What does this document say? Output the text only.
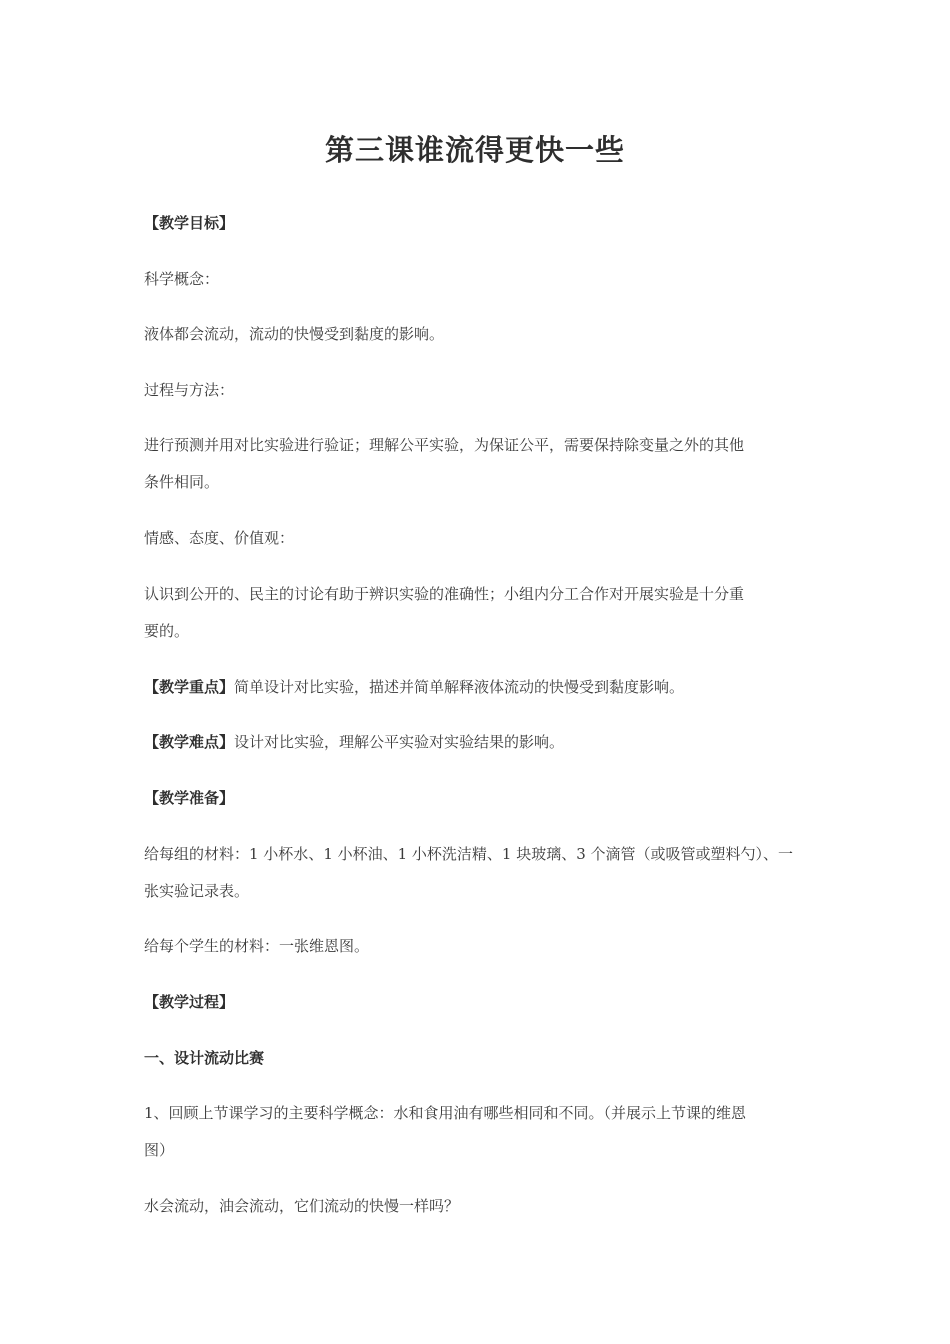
第三课谁流得更快一些

【教学目标】

科学概念：

液体都会流动，流动的快慢受到黏度的影响。

过程与方法：

进行预测并用对比实验进行验证；理解公平实验，为保证公平，需要保持除变量之外的其他

条件相同。

情感、态度、价值观：

认识到公开的、民主的讨论有助于辨识实验的准确性；小组内分工合作对开展实验是十分重

要的。

【教学重点】简单设计对比实验，描述并简单解释液体流动的快慢受到黏度影响。

【教学难点】设计对比实验，理解公平实验对实验结果的影响。

【教学准备】

给每组的材料：1 小杯水、1 小杯油、1 小杯洗洁精、1 块玻璃、3 个滴管（或吸管或塑料勺）、一

张实验记录表。

给每个学生的材料：一张维恩图。

【教学过程】

一、设计流动比赛

1、回顾上节课学习的主要科学概念：水和食用油有哪些相同和不同。（并展示上节课的维恩

图）

水会流动，油会流动，它们流动的快慢一样吗？
